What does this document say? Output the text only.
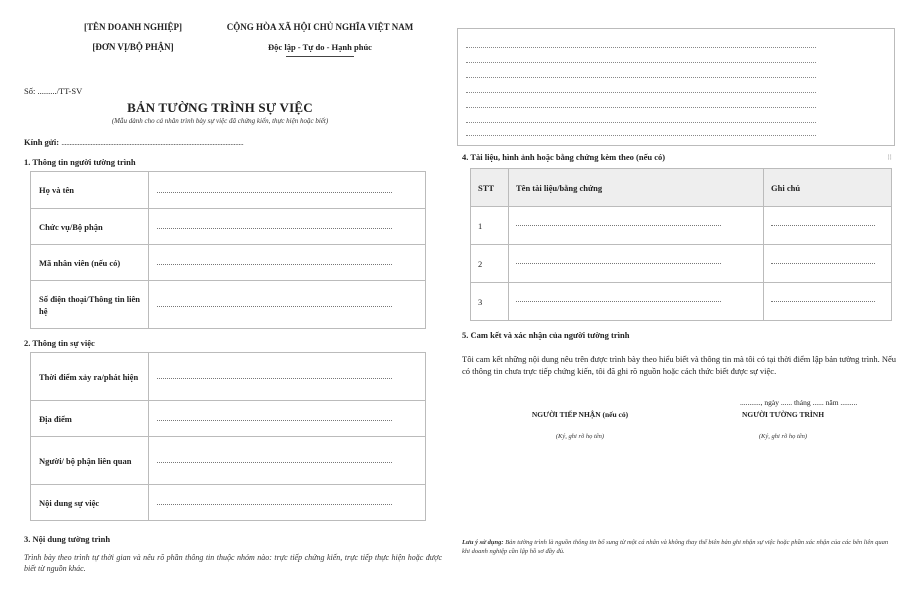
[TÊN DOANH NGHIỆP]
[ĐƠN VỊ/BỘ PHẬN]
CỘNG HÒA XÃ HỘI CHỦ NGHĨA VIỆT NAM
Độc lập - Tự do - Hạnh phúc
Số: ........./TT-SV
BẢN TƯỜNG TRÌNH SỰ VIỆC
(Mẫu dành cho cá nhân trình bày sự việc đã chứng kiến, thực hiện hoặc biết)
Kính gửi: ................................................................................................................
1. Thông tin người tường trình
Họ và tên	

Chức vụ/Bộ phận	

Mã nhân viên (nếu có)	

Số điện thoại/Thông tin liên hệ	
2. Thông tin sự việc
Thời điểm xảy ra/phát hiện	

Địa điểm	

Người/ bộ phận liên quan	

Nội dung sự việc	
3. Nội dung tường trình
Trình bày theo trình tự thời gian và nêu rõ phần thông tin thuộc nhóm nào: trực tiếp chứng kiến, trực tiếp thực hiện hoặc được biết từ nguồn khác.
4. Tài liệu, hình ảnh hoặc bằng chứng kèm theo (nếu có)	⠿
STT	Tên tài liệu/bằng chứng	Ghi chú
1	

2	

3	

5. Cam kết và xác nhận của người tường trình
Tôi cam kết những nội dung nêu trên được trình bày theo hiểu biết và thông tin mà tôi có tại thời điểm lập bản tường trình. Nếu có thông tin chưa trực tiếp chứng kiến, tôi đã ghi rõ nguồn hoặc cách thức biết được sự việc.
..........., ngày ...... tháng ...... năm .........
NGƯỜI TIẾP NHẬN (nếu có)
(Ký, ghi rõ họ tên)
NGƯỜI TƯỜNG TRÌNH
(Ký, ghi rõ họ tên)
Lưu ý sử dụng: Bản tường trình là nguồn thông tin bổ sung từ một cá nhân và không thay thế biên bản ghi nhận sự việc hoặc phần xác nhận của các bên liên quan khi doanh nghiệp cần lập hồ sơ đầy đủ.
